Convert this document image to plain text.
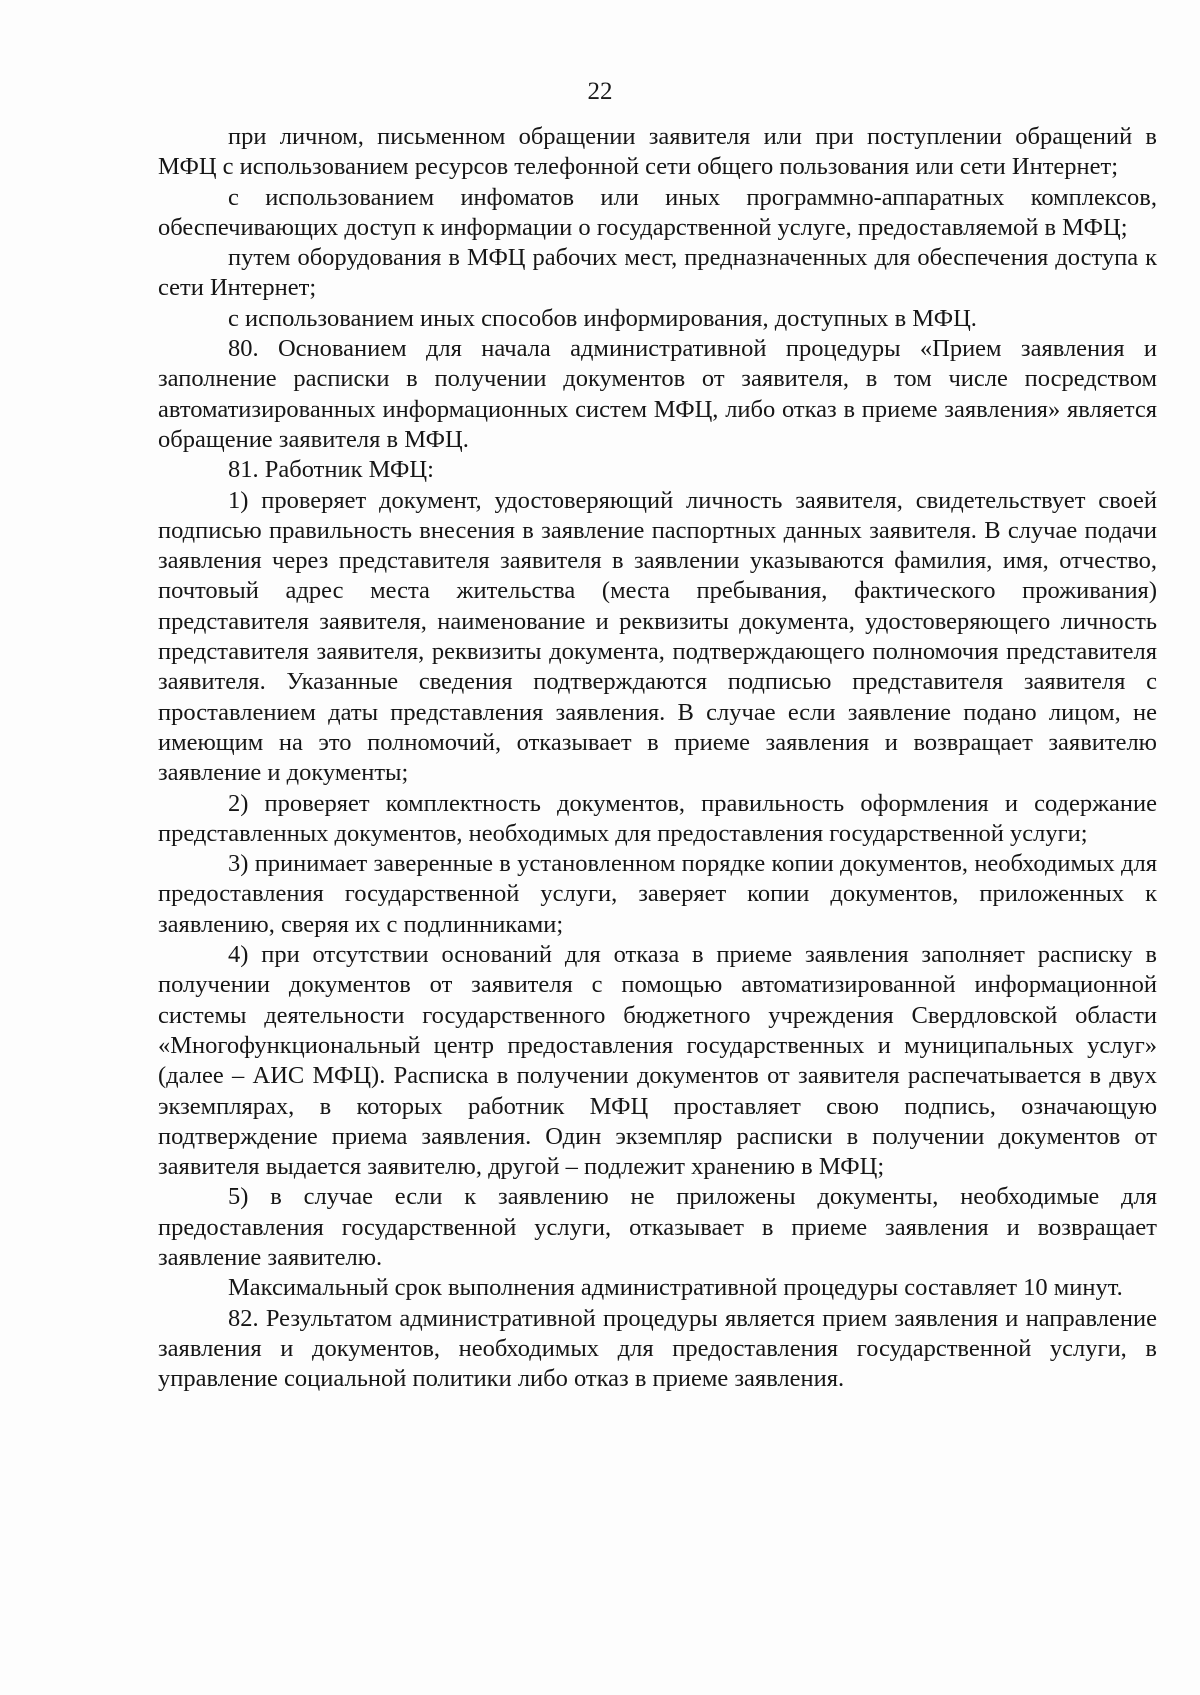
22

при личном, письменном обращении заявителя или при поступлении обращений в МФЦ с использованием ресурсов телефонной сети общего пользования или сети Интернет;

с использованием инфоматов или иных программно-аппаратных комплексов, обеспечивающих доступ к информации о государственной услуге, предоставляемой в МФЦ;

путем оборудования в МФЦ рабочих мест, предназначенных для обеспечения доступа к сети Интернет;

с использованием иных способов информирования, доступных в МФЦ.

80. Основанием для начала административной процедуры «Прием заявления и заполнение расписки в получении документов от заявителя, в том числе посредством автоматизированных информационных систем МФЦ, либо отказ в приеме заявления» является обращение заявителя в МФЦ.

81. Работник МФЦ:

1) проверяет документ, удостоверяющий личность заявителя, свидетельствует своей подписью правильность внесения в заявление паспортных данных заявителя. В случае подачи заявления через представителя заявителя в заявлении указываются фамилия, имя, отчество, почтовый адрес места жительства (места пребывания, фактического проживания) представителя заявителя, наименование и реквизиты документа, удостоверяющего личность представителя заявителя, реквизиты документа, подтверждающего полномочия представителя заявителя. Указанные сведения подтверждаются подписью представителя заявителя с проставлением даты представления заявления. В случае если заявление подано лицом, не имеющим на это полномочий, отказывает в приеме заявления и возвращает заявителю заявление и документы;

2) проверяет комплектность документов, правильность оформления и содержание представленных документов, необходимых для предоставления государственной услуги;

3) принимает заверенные в установленном порядке копии документов, необходимых для предоставления государственной услуги, заверяет копии документов, приложенных к заявлению, сверяя их с подлинниками;

4) при отсутствии оснований для отказа в приеме заявления заполняет расписку в получении документов от заявителя с помощью автоматизированной информационной системы деятельности государственного бюджетного учреждения Свердловской области «Многофункциональный центр предоставления государственных и муниципальных услуг» (далее – АИС МФЦ). Расписка в получении документов от заявителя распечатывается в двух экземплярах, в которых работник МФЦ проставляет свою подпись, означающую подтверждение приема заявления. Один экземпляр расписки в получении документов от заявителя выдается заявителю, другой – подлежит хранению в МФЦ;

5) в случае если к заявлению не приложены документы, необходимые для предоставления государственной услуги, отказывает в приеме заявления и возвращает заявление заявителю.

Максимальный срок выполнения административной процедуры составляет 10 минут.

82. Результатом административной процедуры является прием заявления и направление заявления и документов, необходимых для предоставления государственной услуги, в управление социальной политики либо отказ в приеме заявления.
